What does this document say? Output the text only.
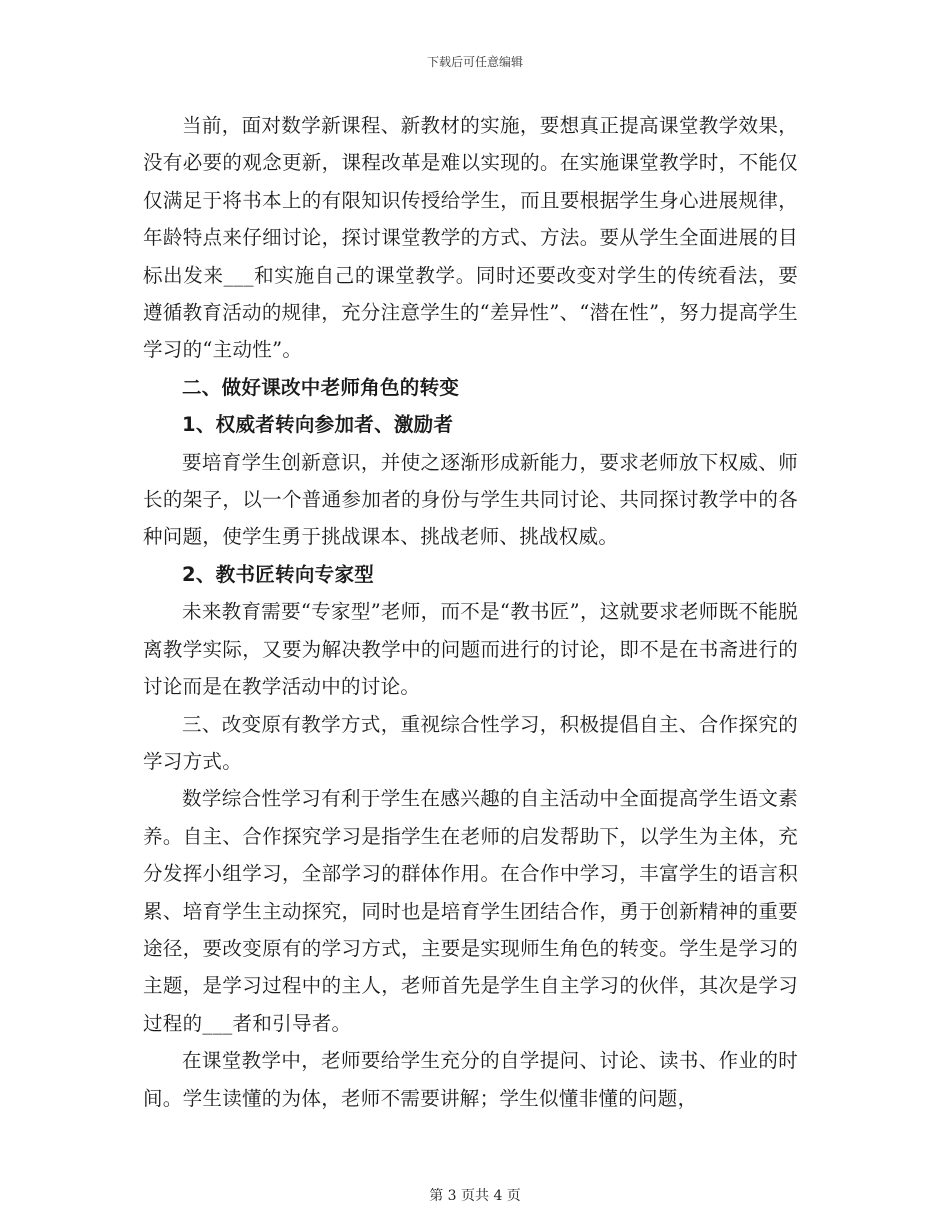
下载后可任意编辑

当前，面对数学新课程、新教材的实施，要想真正提高课堂教学效果，没有必要的观念更新，课程改革是难以实现的。在实施课堂教学时，不能仅仅满足于将书本上的有限知识传授给学生，而且要根据学生身心进展规律，年龄特点来仔细讨论，探讨课堂教学的方式、方法。要从学生全面进展的目标出发来___和实施自己的课堂教学。同时还要改变对学生的传统看法，要遵循教育活动的规律，充分注意学生的“差异性”、“潜在性”，努力提高学生学习的“主动性”。

二、做好课改中老师角色的转变

1、权威者转向参加者、激励者

要培育学生创新意识，并使之逐渐形成新能力，要求老师放下权威、师长的架子，以一个普通参加者的身份与学生共同讨论、共同探讨教学中的各种问题，使学生勇于挑战课本、挑战老师、挑战权威。

2、教书匠转向专家型

未来教育需要“专家型”老师，而不是“教书匠”，这就要求老师既不能脱离教学实际，又要为解决教学中的问题而进行的讨论，即不是在书斋进行的讨论而是在教学活动中的讨论。

三、改变原有教学方式，重视综合性学习，积极提倡自主、合作探究的学习方式。

数学综合性学习有利于学生在感兴趣的自主活动中全面提高学生语文素养。自主、合作探究学习是指学生在老师的启发帮助下，以学生为主体，充分发挥小组学习，全部学习的群体作用。在合作中学习，丰富学生的语言积累、培育学生主动探究，同时也是培育学生团结合作，勇于创新精神的重要途径，要改变原有的学习方式，主要是实现师生角色的转变。学生是学习的主题，是学习过程中的主人，老师首先是学生自主学习的伙伴，其次是学习过程的___者和引导者。

在课堂教学中，老师要给学生充分的自学提问、讨论、读书、作业的时间。学生读懂的为体，老师不需要讲解；学生似懂非懂的问题，

第 3 页共 4 页
